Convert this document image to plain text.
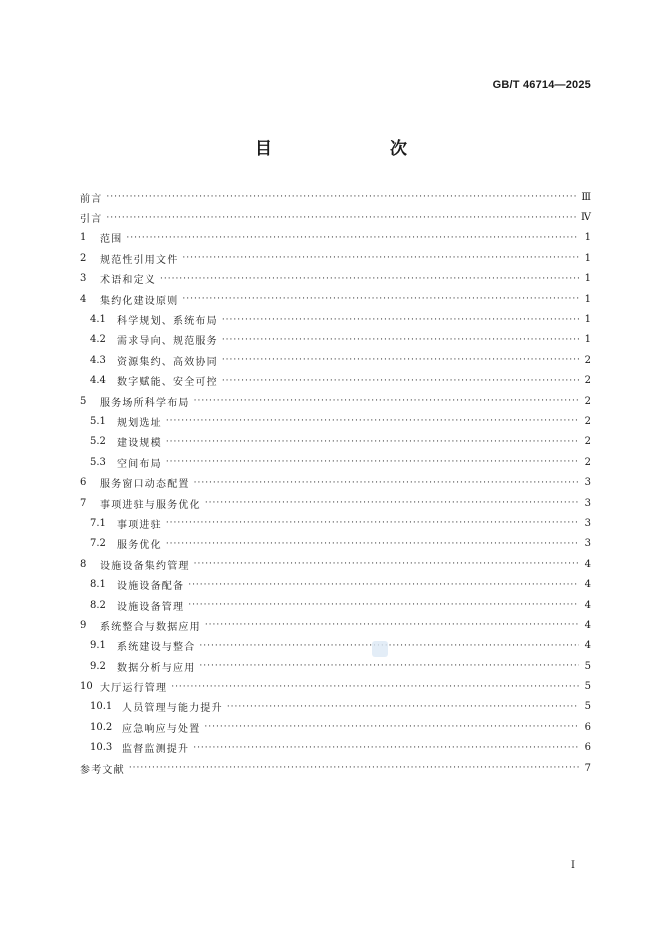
GB/T 46714—2025
目　　次
前言 ·····	Ⅲ
引言 ·····	Ⅳ
1	范围 ·····	1
2	规范性引用文件 ·····	1
3	术语和定义 ·····	1
4	集约化建设原则 ·····	1
4.1	科学规划、系统布局 ·····	1
4.2	需求导向、规范服务 ·····	1
4.3	资源集约、高效协同 ·····	2
4.4	数字赋能、安全可控 ·····	2
5	服务场所科学布局 ·····	2
5.1	规划选址 ·····	2
5.2	建设规模 ·····	2
5.3	空间布局 ·····	2
6	服务窗口动态配置 ·····	3
7	事项进驻与服务优化 ·····	3
7.1	事项进驻 ·····	3
7.2	服务优化 ·····	3
8	设施设备集约管理 ·····	4
8.1	设施设备配备 ·····	4
8.2	设施设备管理 ·····	4
9	系统整合与数据应用 ·····	4
9.1	系统建设与整合 ·····	4
9.2	数据分析与应用 ·····	5
10 大厅运行管理 ·····	5
10.1 人员管理与能力提升 ·····	5
10.2 应急响应与处置 ·····	6
10.3 监督监测提升 ·····	6
参考文献 ·····	7
Ⅰ
